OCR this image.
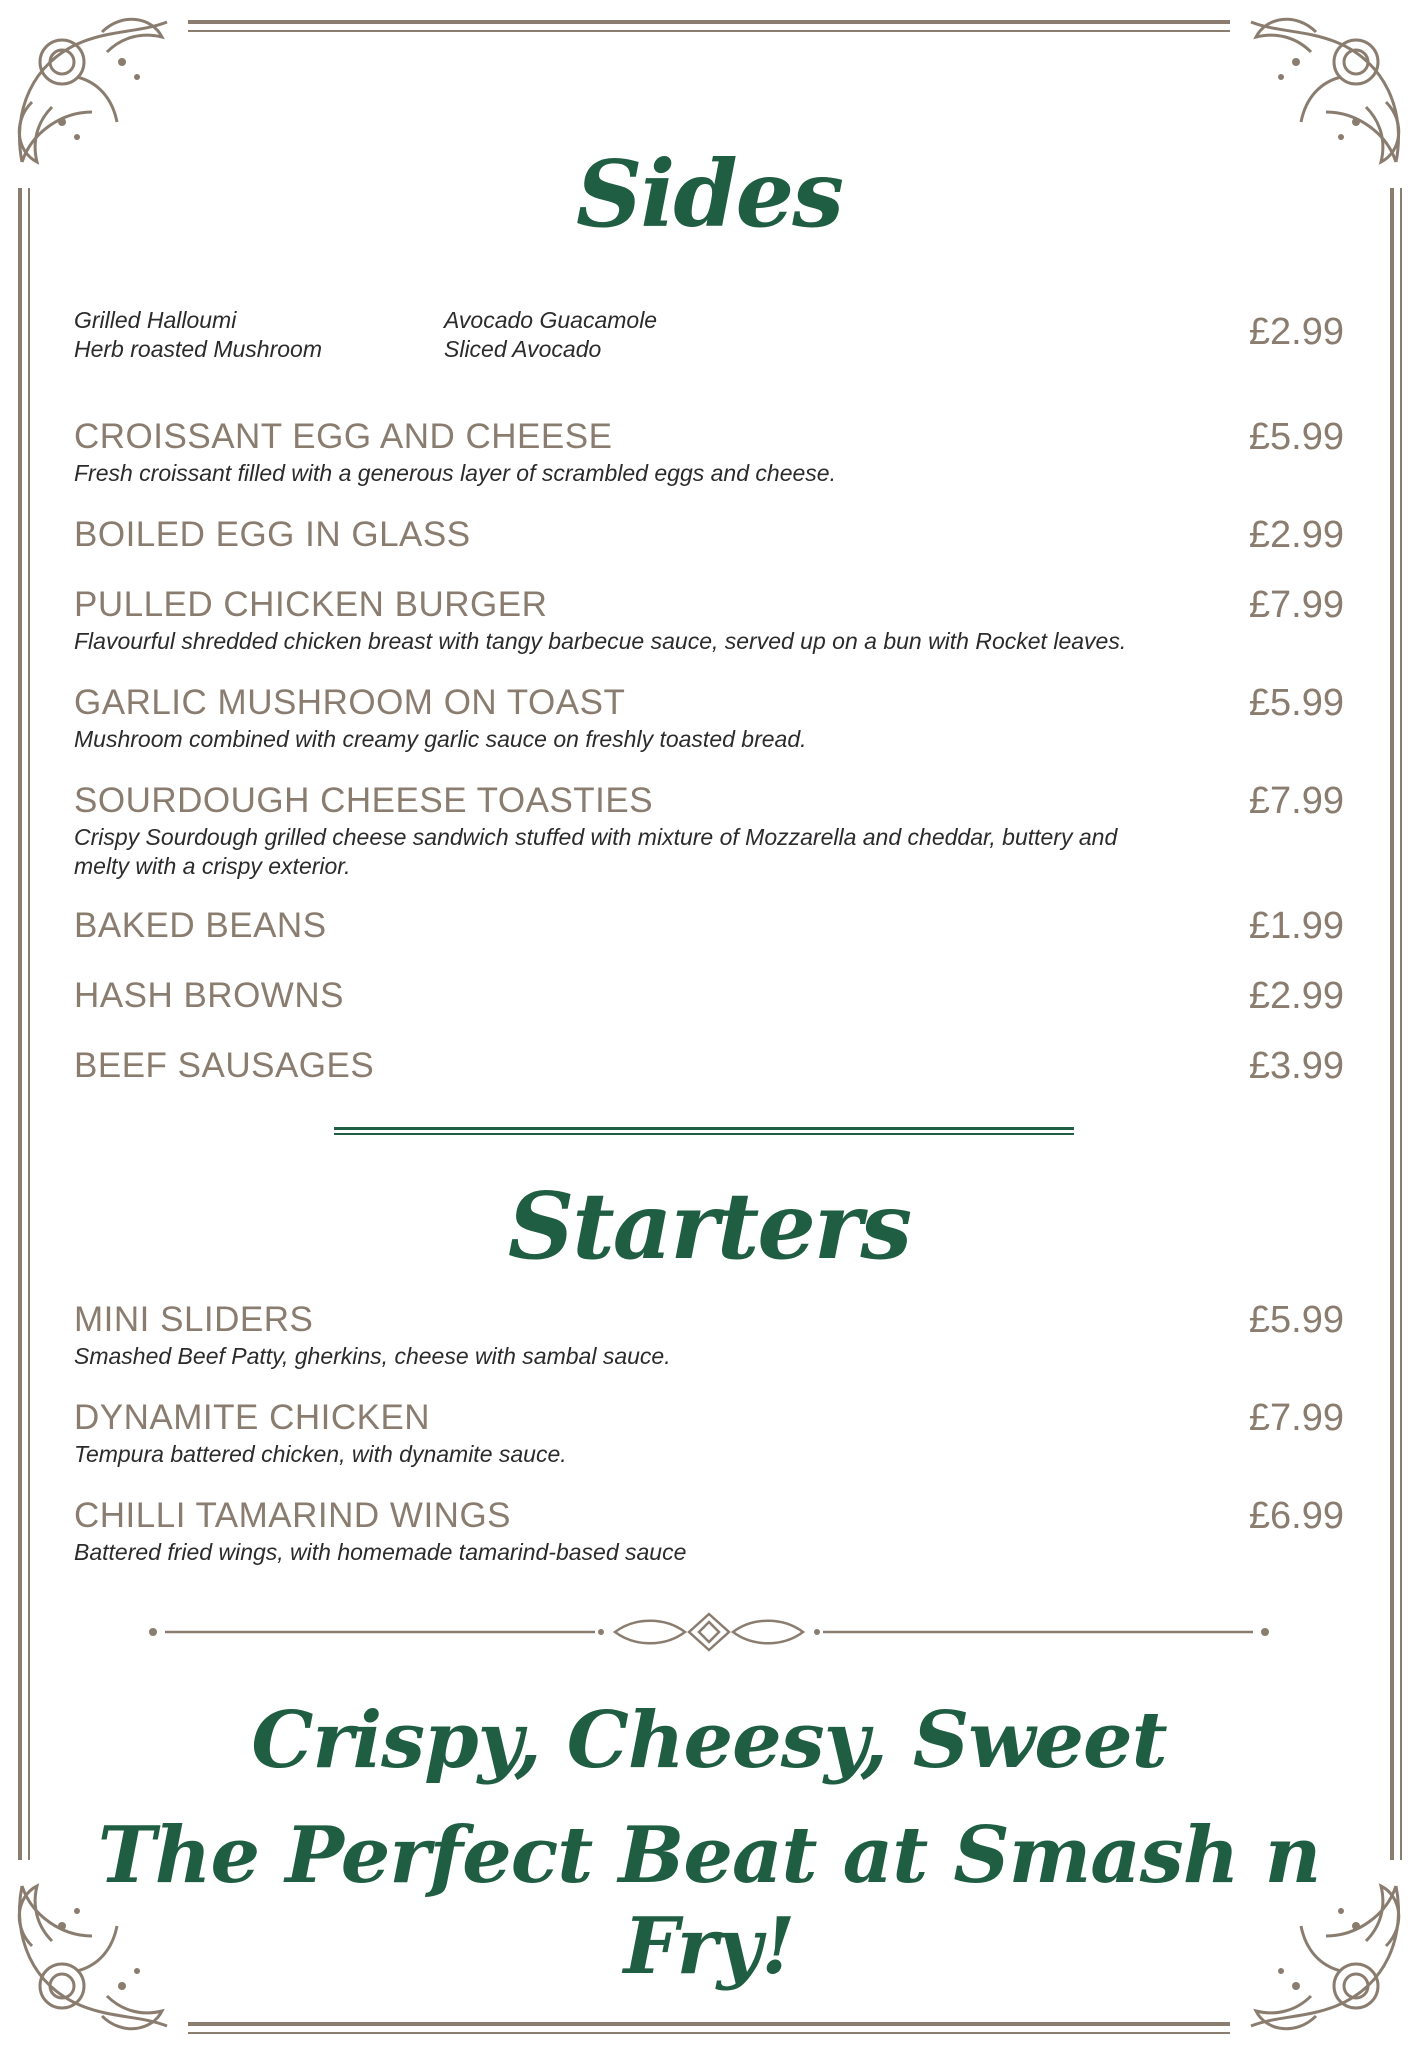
Sides
Grilled Halloumi
Herb roasted Mushroom
Avocado Guacamole
Sliced Avocado	£2.99
CROISSANT EGG AND CHEESE	£5.99
Fresh croissant filled with a generous layer of scrambled eggs and cheese.
BOILED EGG IN GLASS	£2.99
PULLED CHICKEN BURGER	£7.99
Flavourful shredded chicken breast with tangy barbecue sauce, served up on a bun with Rocket leaves.
GARLIC MUSHROOM ON TOAST	£5.99
Mushroom combined with creamy garlic sauce on freshly toasted bread.
SOURDOUGH CHEESE TOASTIES	£7.99
Crispy Sourdough grilled cheese sandwich stuffed with mixture of Mozzarella and cheddar, buttery and melty with a crispy exterior.
BAKED BEANS	£1.99
HASH BROWNS	£2.99
BEEF SAUSAGES	£3.99
Starters
MINI SLIDERS	£5.99
Smashed Beef Patty, gherkins, cheese with sambal sauce.
DYNAMITE CHICKEN	£7.99
Tempura battered chicken, with dynamite sauce.
CHILLI TAMARIND WINGS	£6.99
Battered fried wings, with homemade tamarind-based sauce
Crispy, Cheesy, Sweet
The Perfect Beat at Smash n Fry!
